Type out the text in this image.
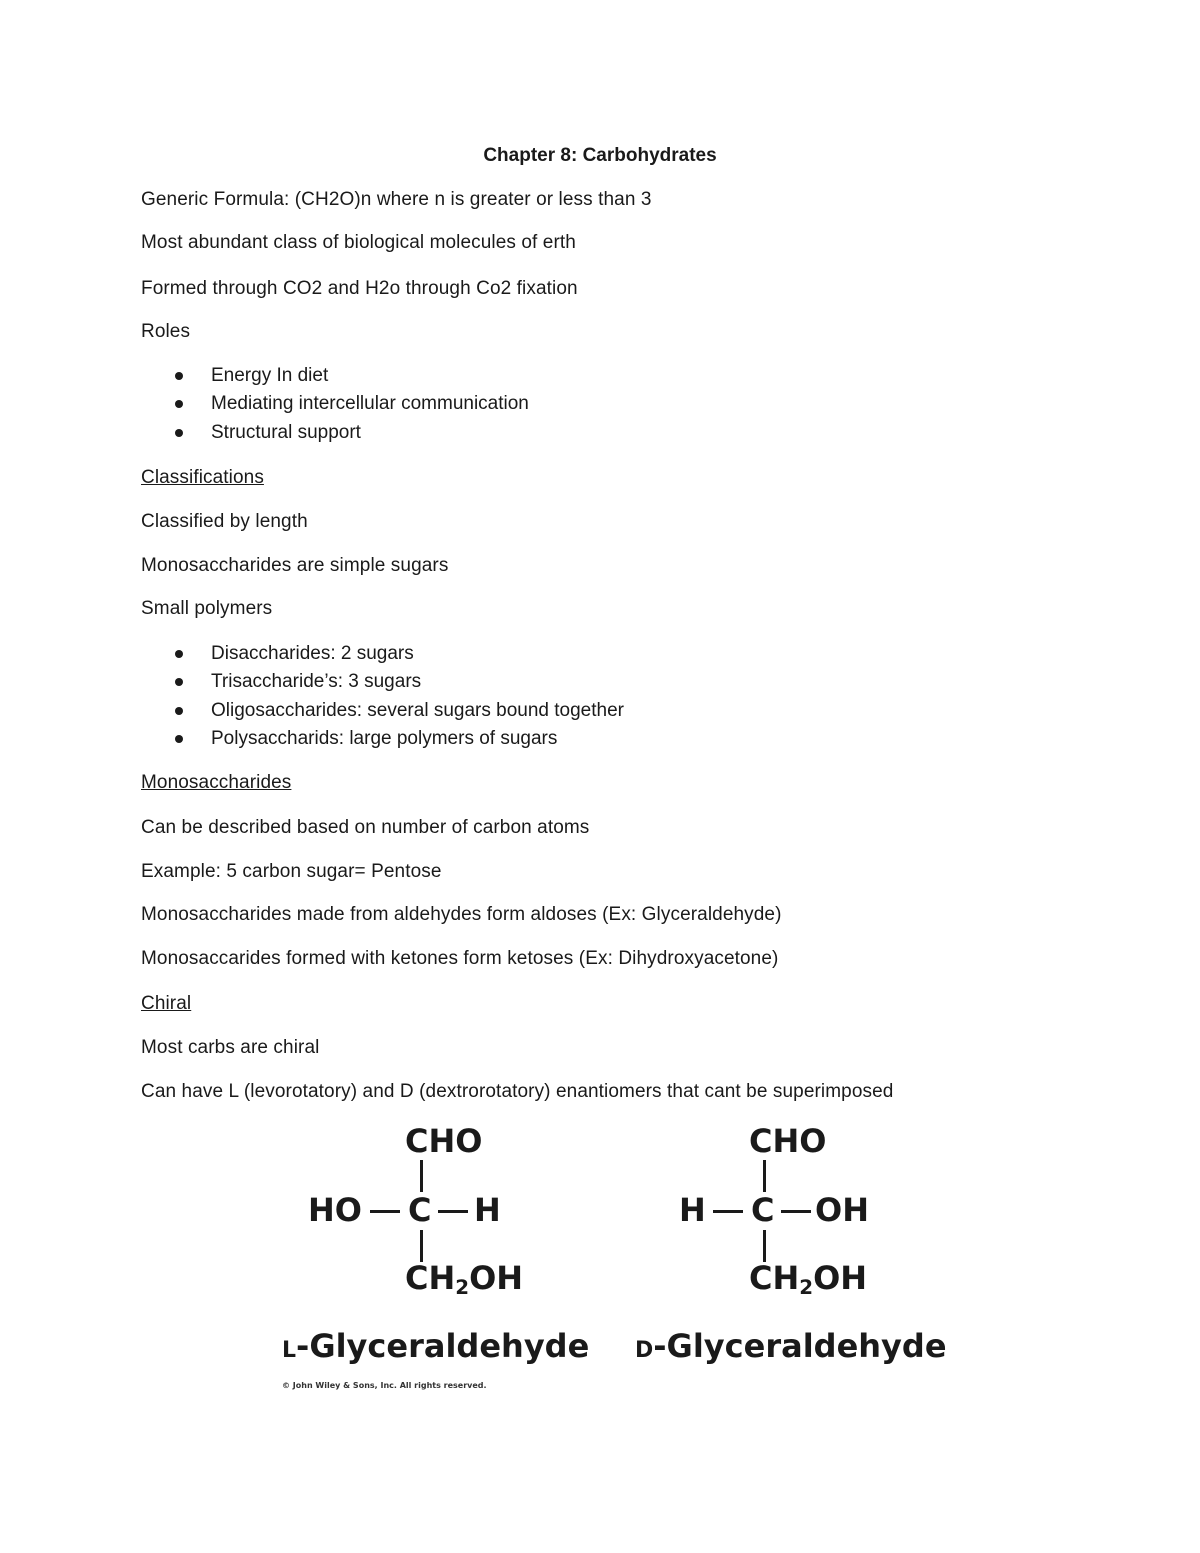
Chapter 8: Carbohydrates
Generic Formula: (CH2O)n where n is greater or less than 3
Most abundant class of biological molecules of erth
Formed through CO2 and H2o through Co2 fixation
Roles
Energy In diet
Mediating intercellular communication
Structural support
Classifications
Classified by length
Monosaccharides are simple sugars
Small polymers
Disaccharides: 2 sugars
Trisaccharide’s: 3 sugars
Oligosaccharides: several sugars bound together
Polysaccharids: large polymers of sugars
Monosaccharides
Can be described based on number of carbon atoms
Example: 5 carbon sugar= Pentose
Monosaccharides made from aldehydes form aldoses (Ex: Glyceraldehyde)
Monosaccarides formed with ketones form ketoses (Ex: Dihydroxyacetone)
Chiral
Most carbs are chiral
Can have L (levorotatory) and D (dextrorotatory) enantiomers that cant be superimposed
CHO
HO C H
$CH_2OH$
CHO
H C OH
$CH_2OH$
L-Glyceraldehyde D-Glyceraldehyde
© John Wiley & Sons, Inc. All rights reserved.
